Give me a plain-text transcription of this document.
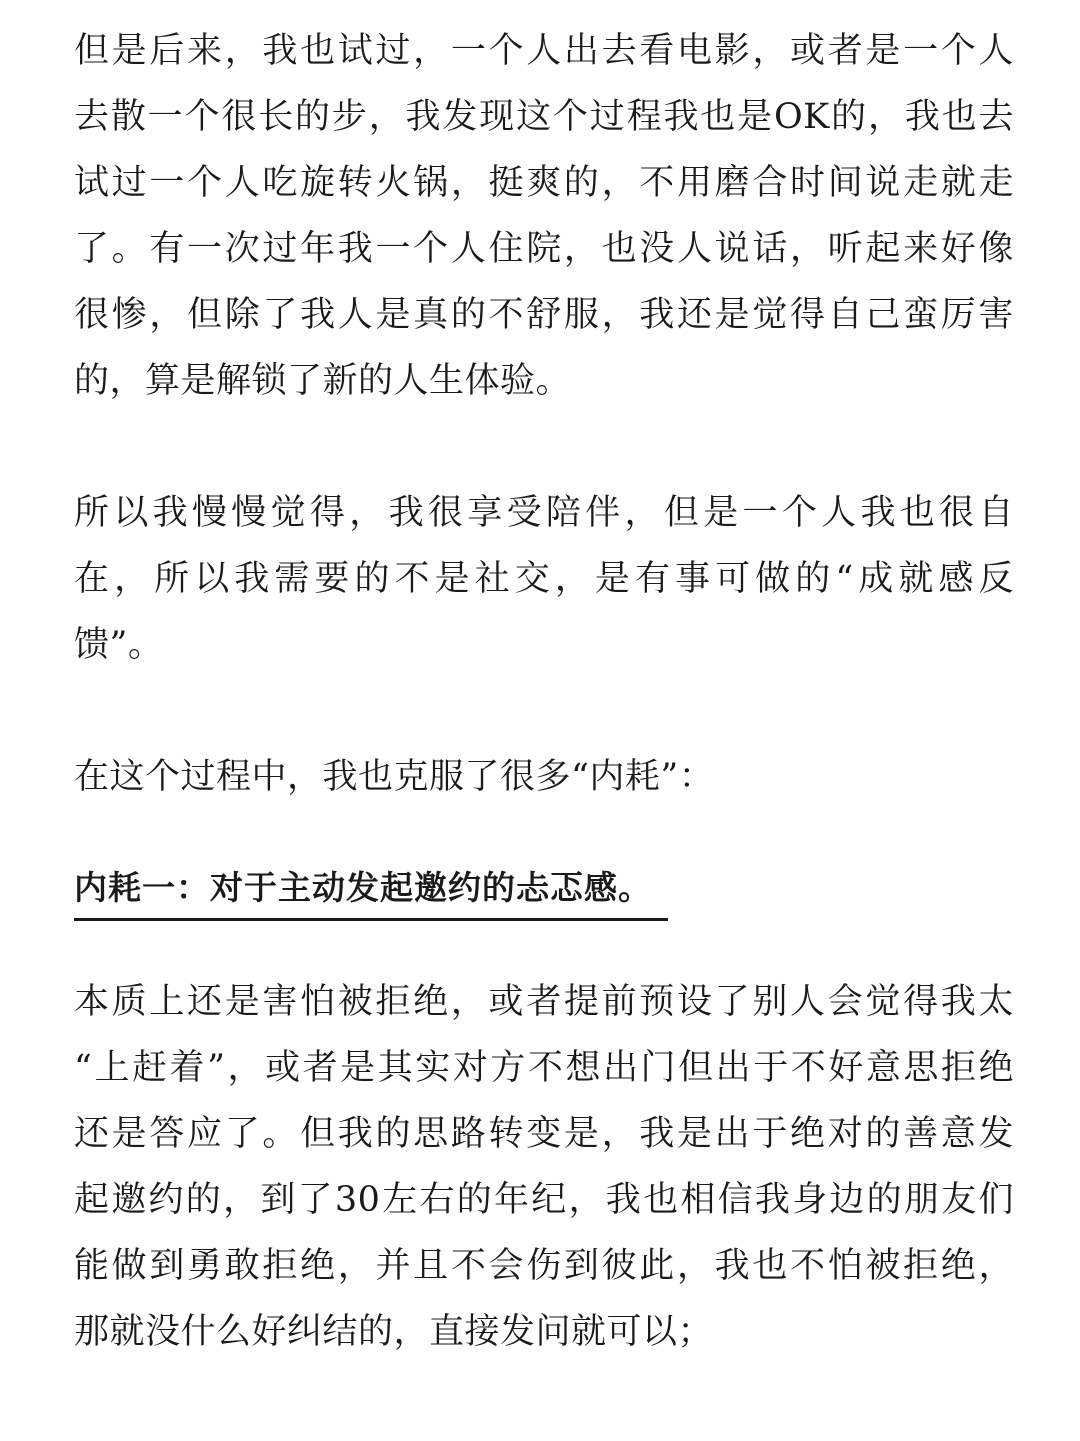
但是后来，我也试过，一个人出去看电影，或者是一个人
去散一个很长的步，我发现这个过程我也是OK的，我也去
试过一个人吃旋转火锅，挺爽的，不用磨合时间说走就走
了。有一次过年我一个人住院，也没人说话，听起来好像
很惨，但除了我人是真的不舒服，我还是觉得自己蛮厉害
的，算是解锁了新的人生体验。
所以我慢慢觉得，我很享受陪伴，但是一个人我也很自
在，所以我需要的不是社交，是有事可做的“成就感反
馈”。
在这个过程中，我也克服了很多“内耗”：
内耗一：对于主动发起邀约的忐忑感。
本质上还是害怕被拒绝，或者提前预设了别人会觉得我太
“上赶着”，或者是其实对方不想出门但出于不好意思拒绝
还是答应了。但我的思路转变是，我是出于绝对的善意发
起邀约的，到了30左右的年纪，我也相信我身边的朋友们
能做到勇敢拒绝，并且不会伤到彼此，我也不怕被拒绝，
那就没什么好纠结的，直接发问就可以；
